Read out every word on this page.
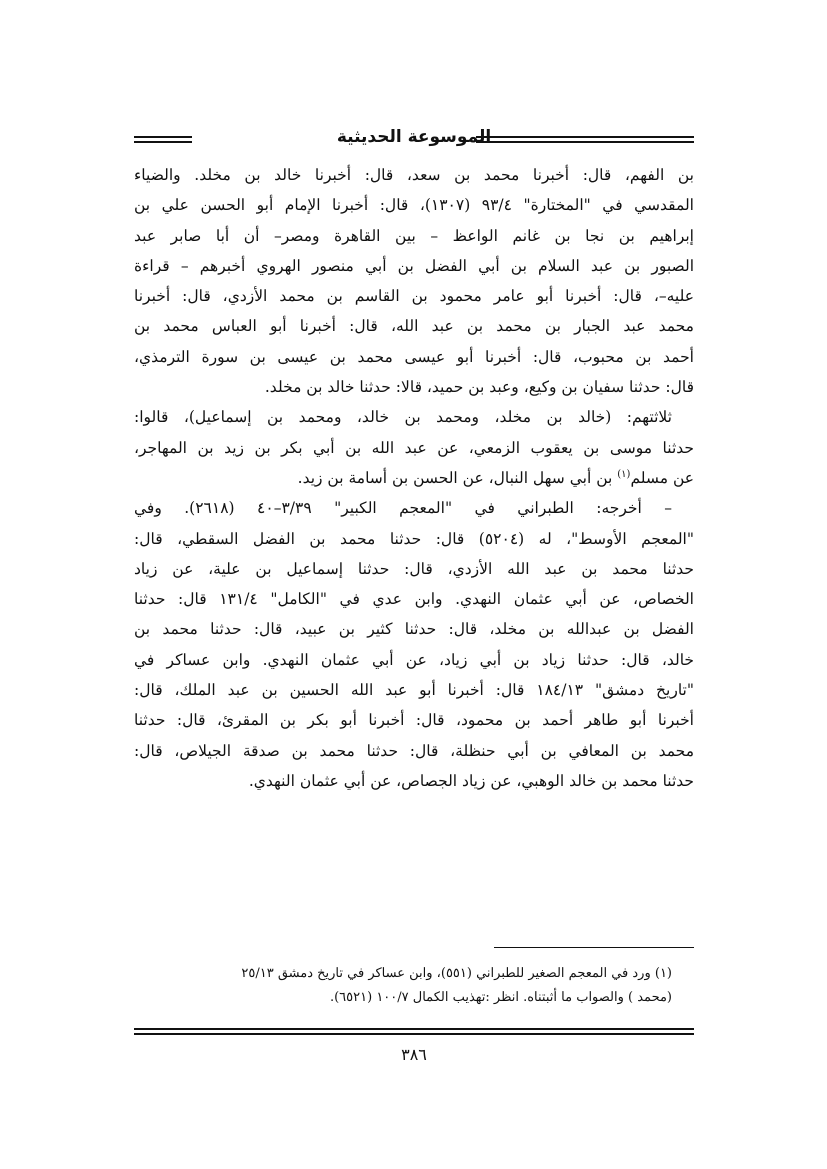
الموسوعة الحديثية
بن الفهم، قال: أخبرنا محمد بن سعد، قال: أخبرنا خالد بن مخلد. والضياء
المقدسي في "المختارة" ٩٣/٤ (١٣٠٧)، قال: أخبرنا الإمام أبو الحسن علي بن
إبراهيم بن نجا بن غانم الواعظ – بين القاهرة ومصر– أن أبا صابر عبد
الصبور بن عبد السلام بن أبي الفضل بن أبي منصور الهروي أخبرهم – قراءة
عليه–، قال: أخبرنا أبو عامر محمود بن القاسم بن محمد الأزدي، قال: أخبرنا
محمد عبد الجبار بن محمد بن عبد الله، قال: أخبرنا أبو العباس محمد بن
أحمد بن محبوب، قال: أخبرنا أبو عيسى محمد بن عيسى بن سورة الترمذي،
قال: حدثنا سفيان بن وكيع، وعبد بن حميد، قالا: حدثنا خالد بن مخلد.
ثلاثتهم: (خالد بن مخلد، ومحمد بن خالد، ومحمد بن إسماعيل)، قالوا:
حدثنا موسى بن يعقوب الزمعي، عن عبد الله بن أبي بكر بن زيد بن المهاجر،
عن مسلم$^{(١)}$ بن أبي سهل النبال، عن الحسن بن أسامة بن زيد.
– أخرجه: الطبراني في "المعجم الكبير" ٣/٣٩–٤٠ (٢٦١٨). وفي
"المعجم الأوسط"، له (٥٢٠٤) قال: حدثنا محمد بن الفضل السقطي، قال:
حدثنا محمد بن عبد الله الأزدي، قال: حدثنا إسماعيل بن علية، عن زياد
الخصاص، عن أبي عثمان النهدي. وابن عدي في "الكامل" ١٣١/٤ قال: حدثنا
الفضل بن عبدالله بن مخلد، قال: حدثنا كثير بن عبيد، قال: حدثنا محمد بن
خالد، قال: حدثنا زياد بن أبي زياد، عن أبي عثمان النهدي. وابن عساكر في
"تاريخ دمشق" ١٨٤/١٣ قال: أخبرنا أبو عبد الله الحسين بن عبد الملك، قال:
أخبرنا أبو طاهر أحمد بن محمود، قال: أخبرنا أبو بكر بن المقرئ، قال: حدثنا
محمد بن المعافي بن أبي حنظلة، قال: حدثنا محمد بن صدقة الجيلاص، قال:
حدثنا محمد بن خالد الوهبي، عن زياد الجصاص، عن أبي عثمان النهدي.
(١) ورد في المعجم الصغير للطبراني (٥٥١)، وابن عساكر في تاريخ دمشق ٢٥/١٣
(محمد ) والصواب ما أثبتناه. انظر :تهذيب الكمال ١٠٠/٧ (٦٥٢١).
٣٨٦
